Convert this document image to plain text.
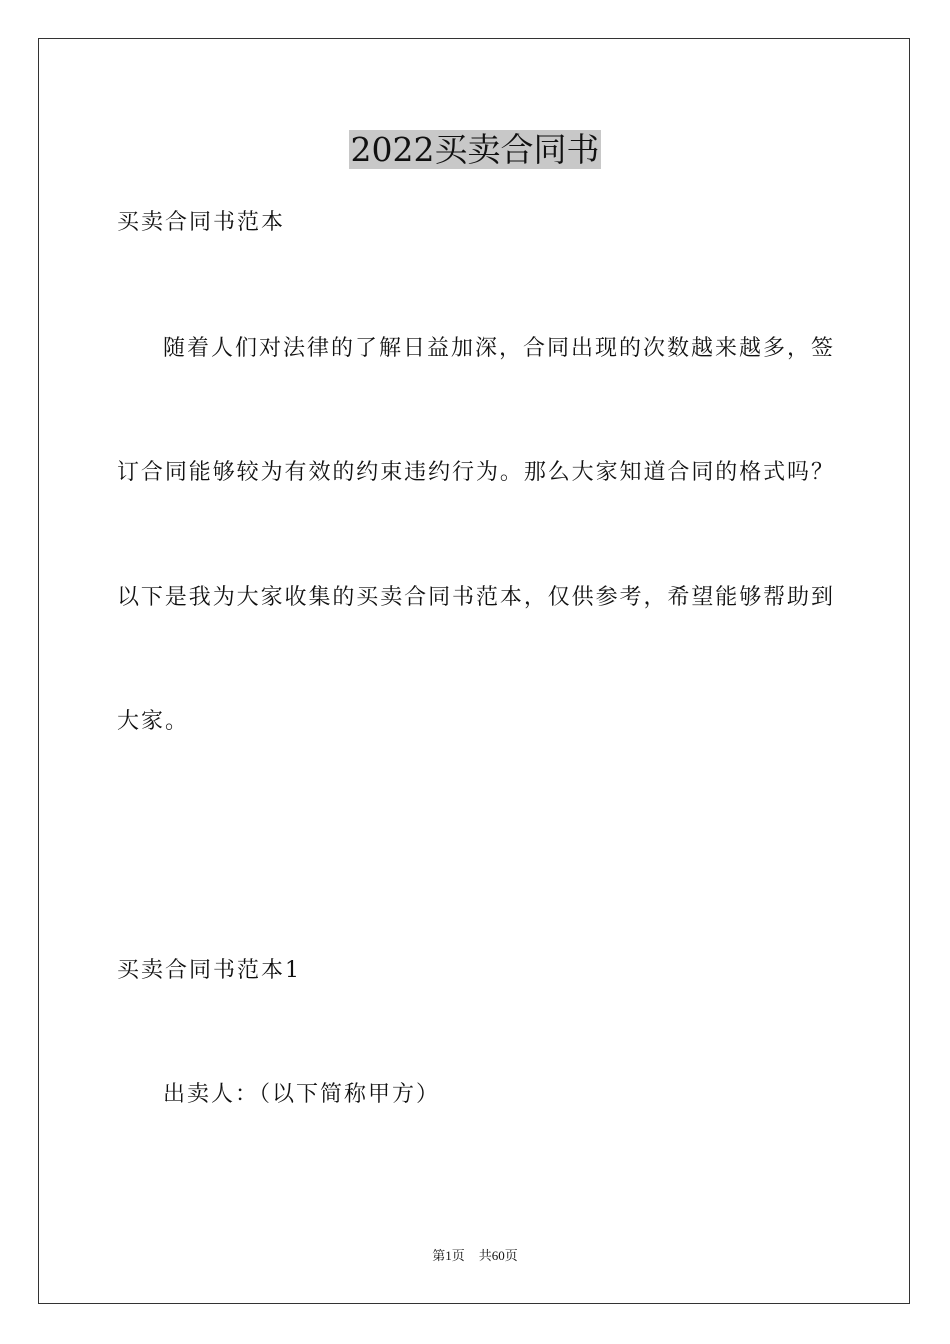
2022买卖合同书
买卖合同书范本
随着人们对法律的了解日益加深，合同出现的次数越来越多，签
订合同能够较为有效的约束违约行为。那么大家知道合同的格式吗？
以下是我为大家收集的买卖合同书范本，仅供参考，希望能够帮助到
大家。
买卖合同书范本1
出卖人：（以下简称甲方）
第1页 共60页
